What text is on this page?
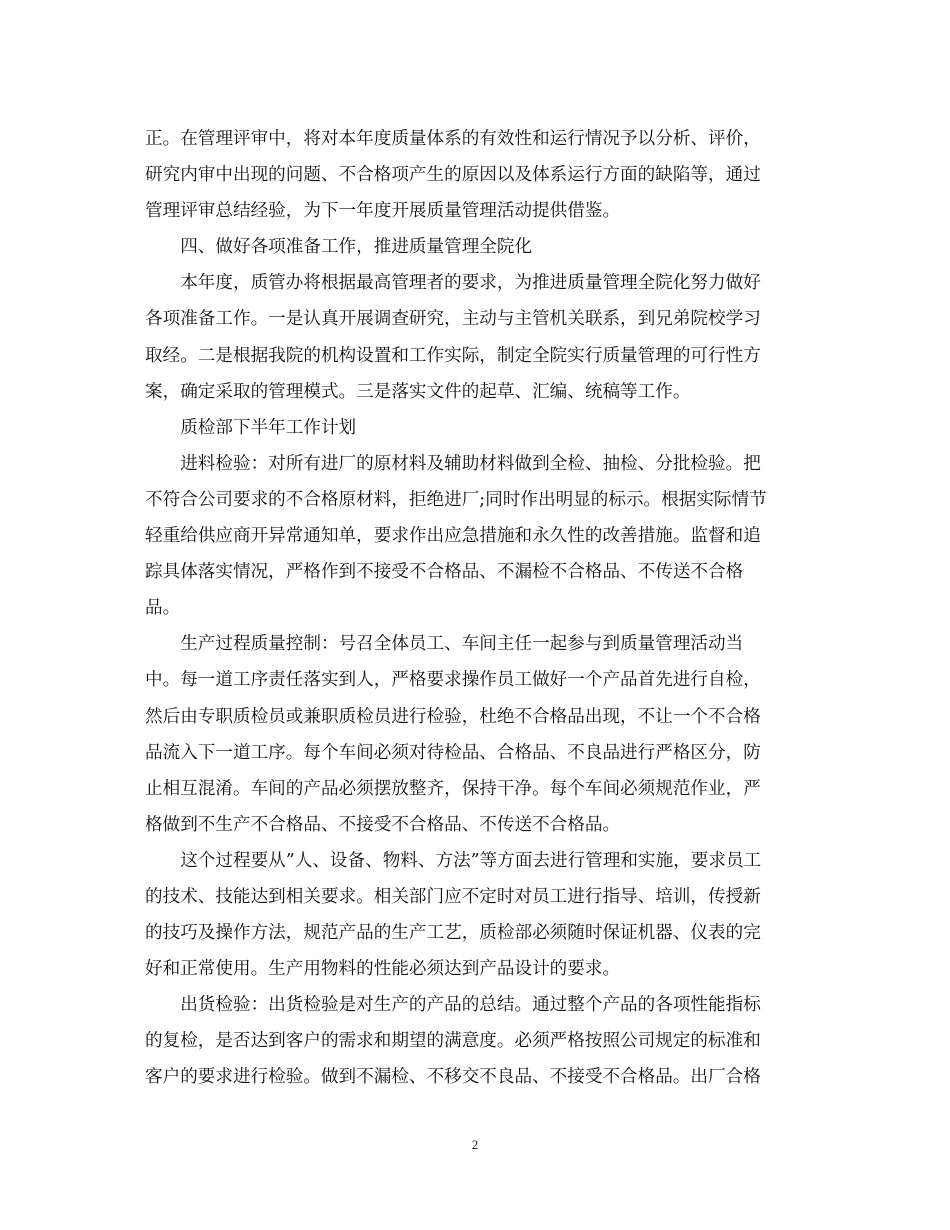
正。在管理评审中，将对本年度质量体系的有效性和运行情况予以分析、评价，
研究内审中出现的问题、不合格项产生的原因以及体系运行方面的缺陷等，通过
管理评审总结经验，为下一年度开展质量管理活动提供借鉴。
　　四、做好各项准备工作，推进质量管理全院化
　　本年度，质管办将根据最高管理者的要求，为推进质量管理全院化努力做好
各项准备工作。一是认真开展调查研究，主动与主管机关联系，到兄弟院校学习
取经。二是根据我院的机构设置和工作实际，制定全院实行质量管理的可行性方
案，确定采取的管理模式。三是落实文件的起草、汇编、统稿等工作。
　　质检部下半年工作计划
　　进料检验：对所有进厂的原材料及辅助材料做到全检、抽检、分批检验。把
不符合公司要求的不合格原材料，拒绝进厂;同时作出明显的标示。根据实际情节
轻重给供应商开异常通知单，要求作出应急措施和永久性的改善措施。监督和追
踪具体落实情况，严格作到不接受不合格品、不漏检不合格品、不传送不合格
品。
　　生产过程质量控制：号召全体员工、车间主任一起参与到质量管理活动当
中。每一道工序责任落实到人，严格要求操作员工做好一个产品首先进行自检，
然后由专职质检员或兼职质检员进行检验，杜绝不合格品出现，不让一个不合格
品流入下一道工序。每个车间必须对待检品、合格品、不良品进行严格区分，防
止相互混淆。车间的产品必须摆放整齐，保持干净。每个车间必须规范作业，严
格做到不生产不合格品、不接受不合格品、不传送不合格品。
　　这个过程要从”人、设备、物料、方法”等方面去进行管理和实施，要求员工
的技术、技能达到相关要求。相关部门应不定时对员工进行指导、培训，传授新
的技巧及操作方法，规范产品的生产工艺，质检部必须随时保证机器、仪表的完
好和正常使用。生产用物料的性能必须达到产品设计的要求。
　　出货检验：出货检验是对生产的产品的总结。通过整个产品的各项性能指标
的复检，是否达到客户的需求和期望的满意度。必须严格按照公司规定的标准和
客户的要求进行检验。做到不漏检、不移交不良品、不接受不合格品。出厂合格
2
